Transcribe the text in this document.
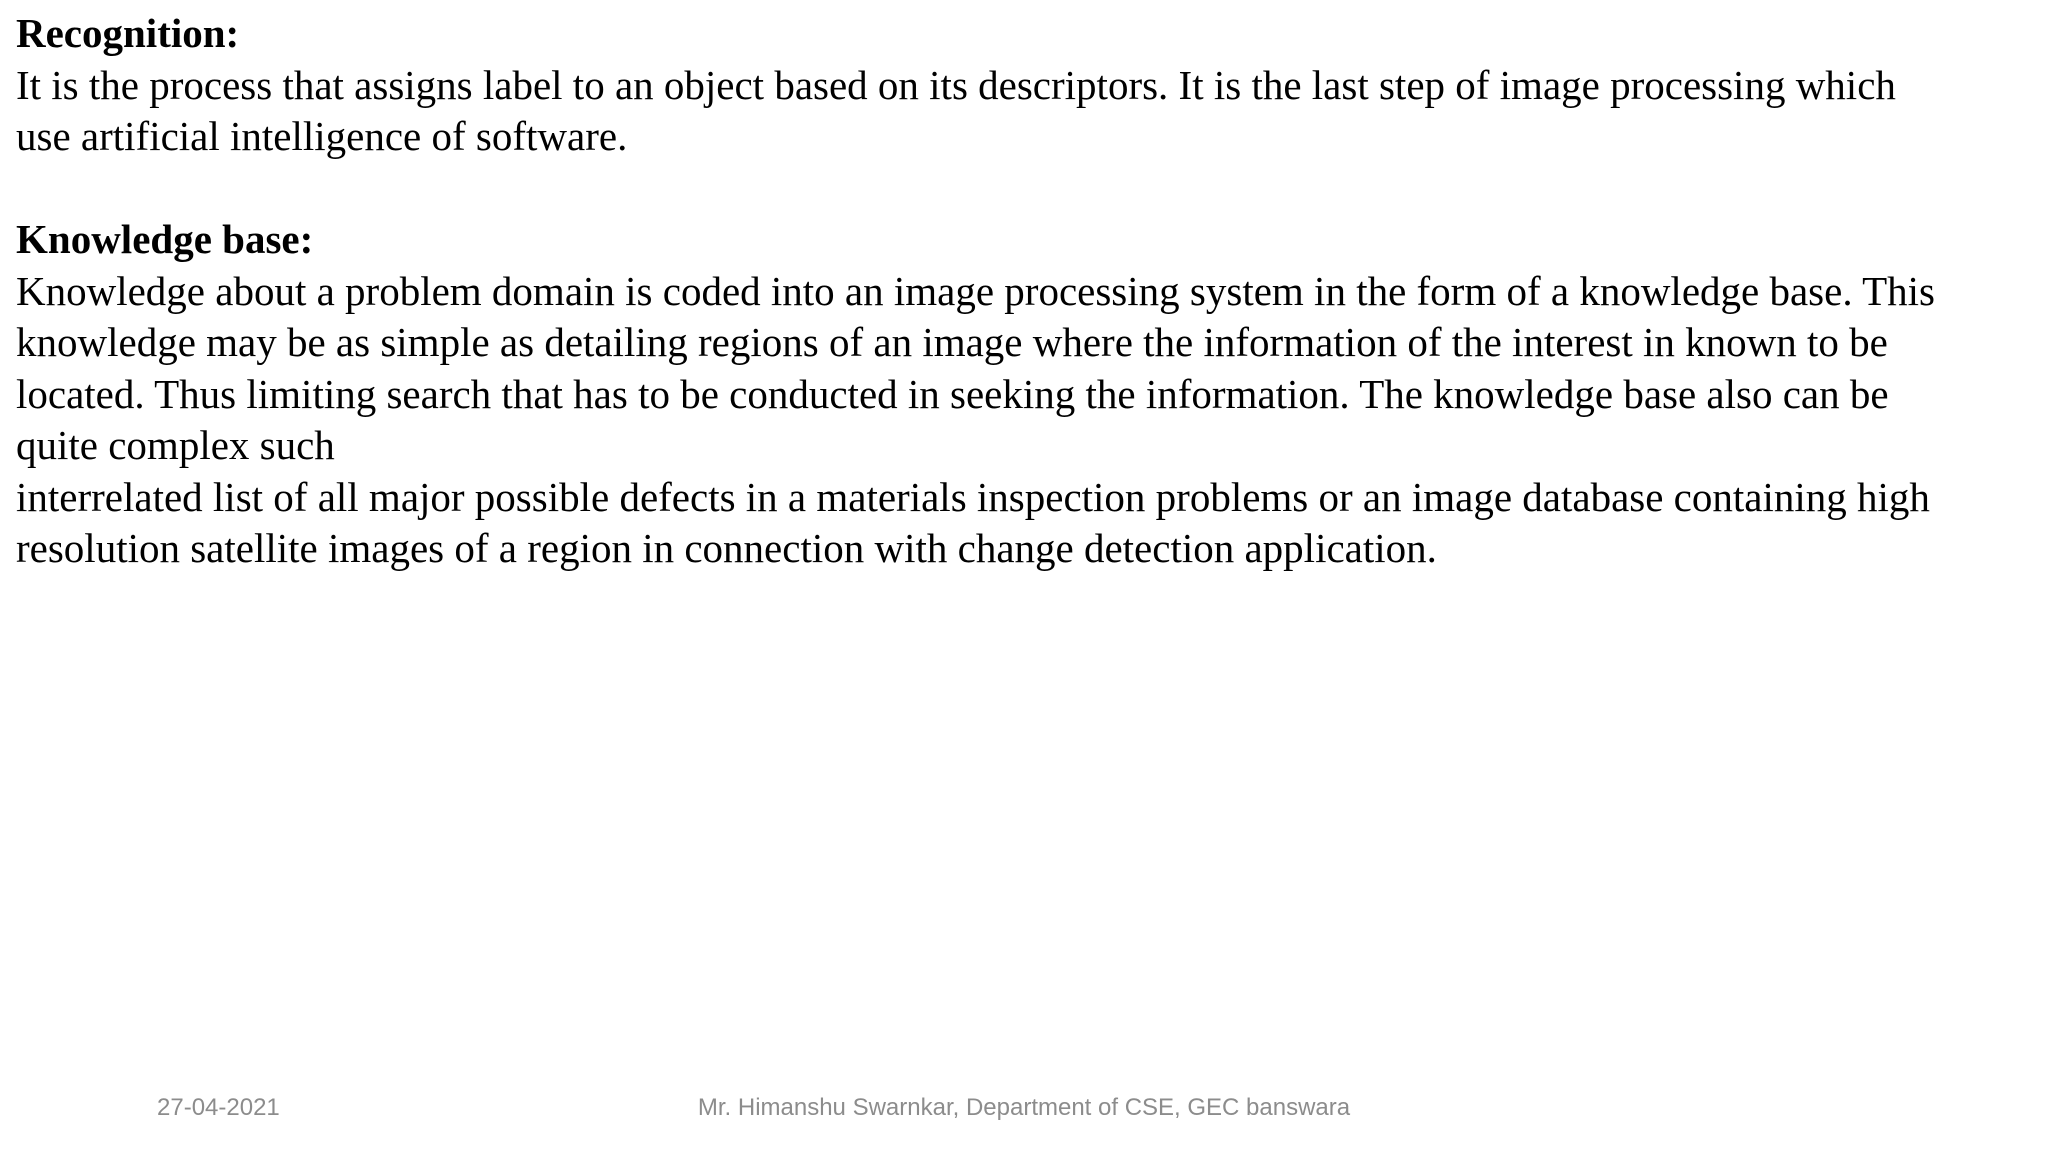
Recognition:
It is the process that assigns label to an object based on its descriptors. It is the last step of image processing which
use artificial intelligence of software.
Knowledge base:
Knowledge about a problem domain is coded into an image processing system in the form of a knowledge base. This
knowledge may be as simple as detailing regions of an image where the information of the interest in known to be
located. Thus limiting search that has to be conducted in seeking the information. The knowledge base also can be
quite complex such
interrelated list of all major possible defects in a materials inspection problems or an image database containing high
resolution satellite images of a region in connection with change detection application.
27-04-2021	Mr. Himanshu Swarnkar, Department of CSE, GEC banswara
